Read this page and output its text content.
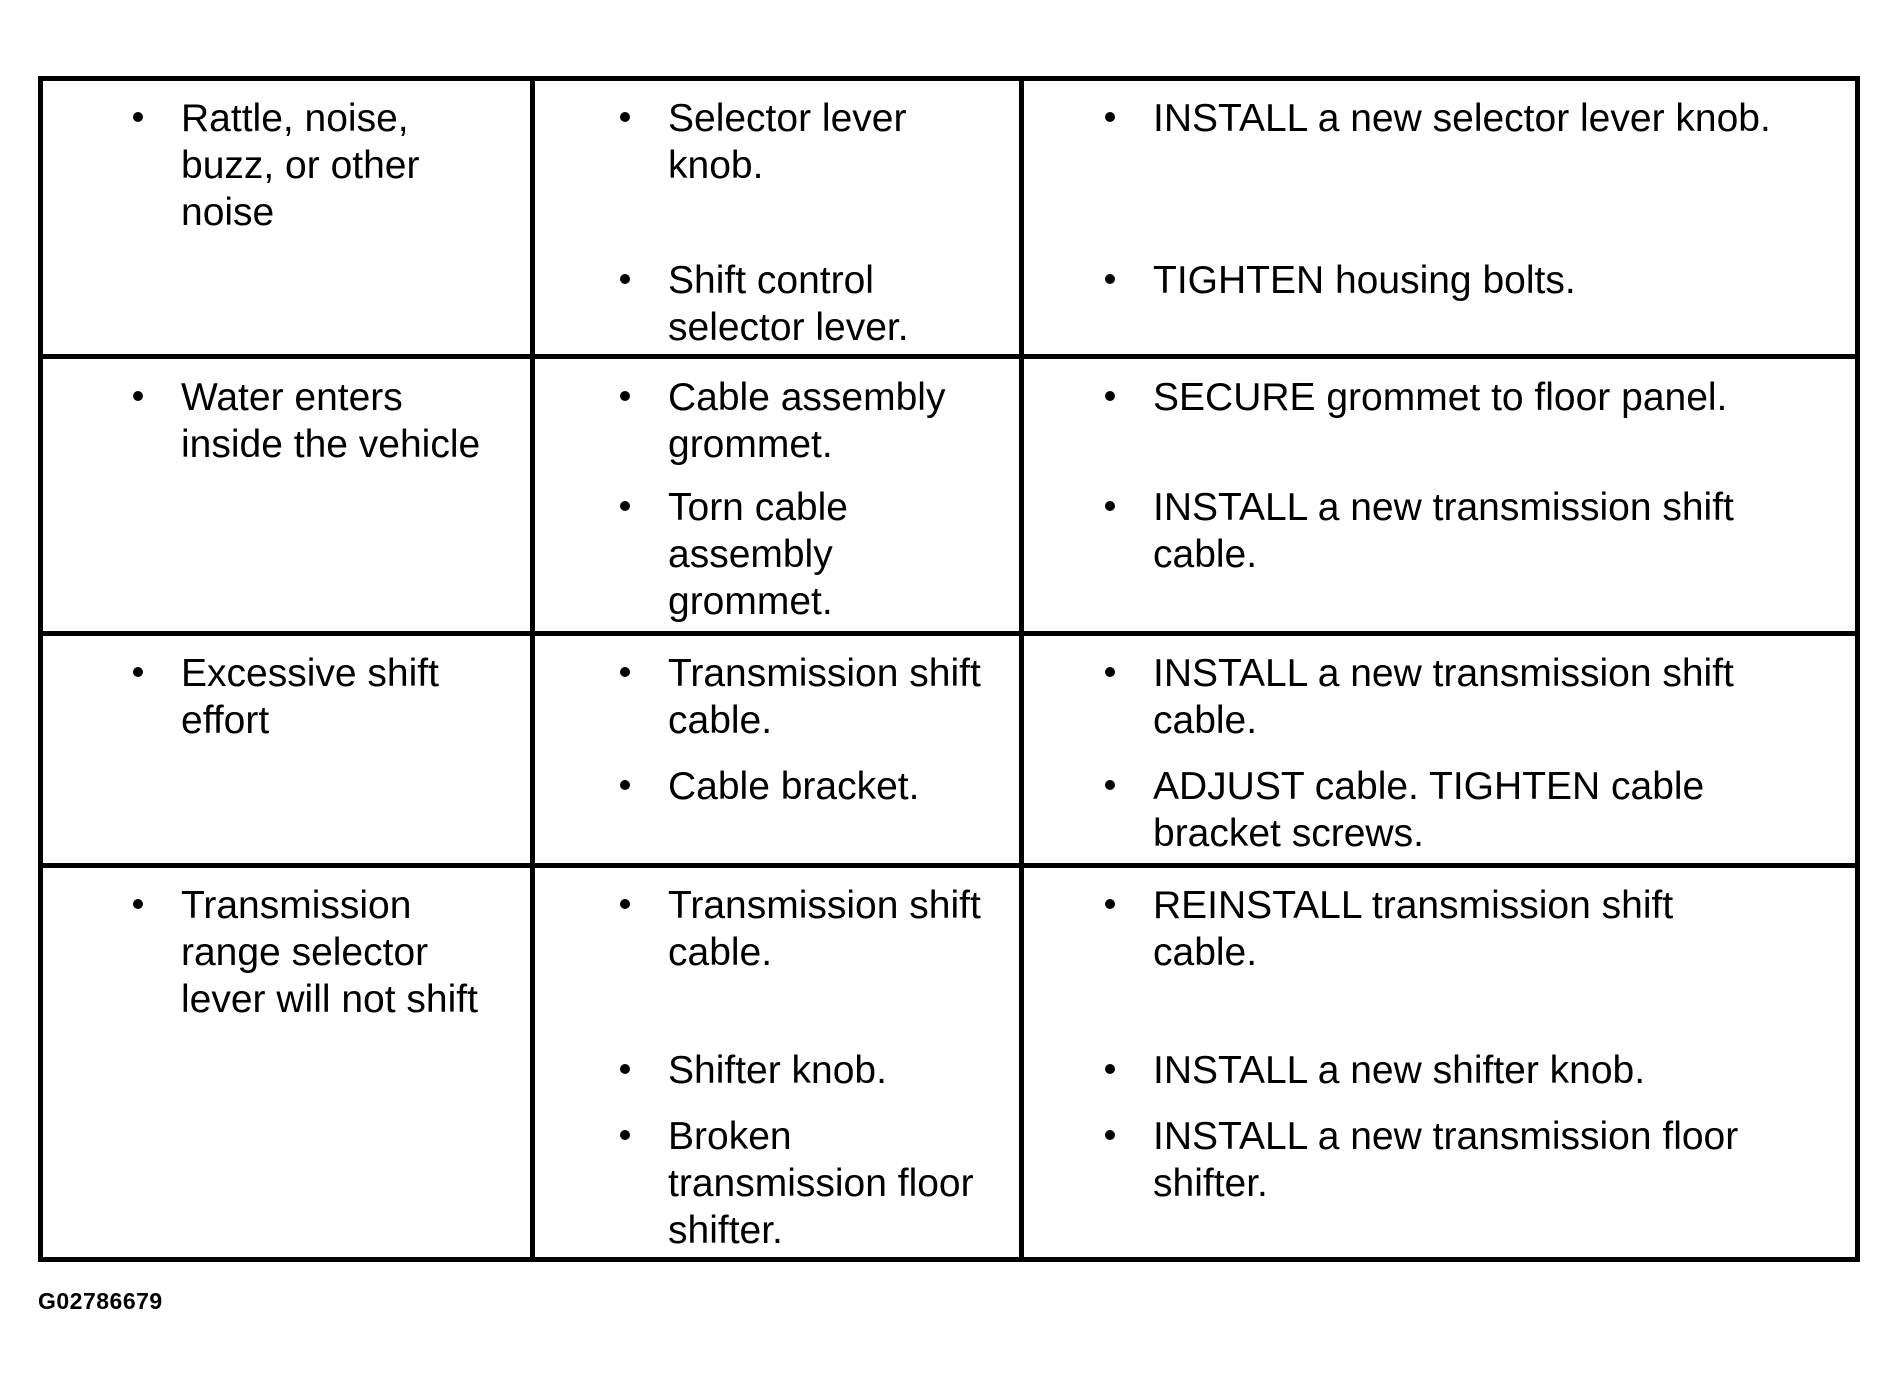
Rattle, noise,
buzz, or other
noise
Selector lever
knob.
Shift control
selector lever.
INSTALL a new selector lever knob.
TIGHTEN housing bolts.
Water enters
inside the vehicle
Cable assembly
grommet.
Torn cable
assembly
grommet.
SECURE grommet to floor panel.
INSTALL a new transmission shift
cable.
Excessive shift
effort
Transmission shift
cable.
Cable bracket.
INSTALL a new transmission shift
cable.
ADJUST cable. TIGHTEN cable
bracket screws.
Transmission
range selector
lever will not shift
Transmission shift
cable.
Shifter knob.
Broken
transmission floor
shifter.
REINSTALL transmission shift
cable.
INSTALL a new shifter knob.
INSTALL a new transmission floor
shifter.
G02786679
